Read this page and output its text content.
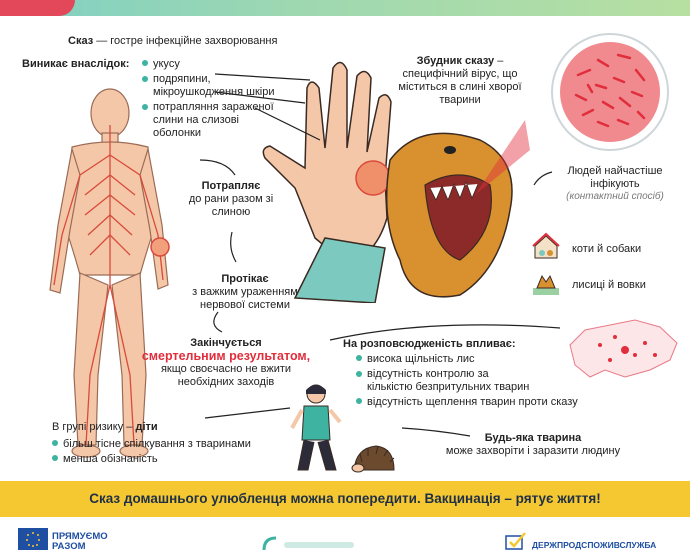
Сказ — гостре інфекційне захворювання
Виникає внаслідок:	укусу
подряпини, мікроушкодження шкіри
потрапляння зараженої слини на слизові оболонки
Збудник сказу – специфічний вірус, що міститься в слині хворої тварини
Потрапляє
до рани разом зі слиною
Протікає
з важким ураженням нервової системи
Закінчується
смертельним результатом,
якщо своєчасно не вжити необхідних заходів
Людей найчастіше інфікують
(контактний спосіб)
коти й собаки
лисиці й вовки
На розповсюдженість впливає:
висока щільність лис
відсутність контролю за кількістю безпритульних тварин
відсутність щеплення тварин проти сказу
В групі ризику – діти
більш тісне спілкування з тваринами
менша обізнаність
Будь-яка тварина
може захворіти і заразити людину
Сказ домашнього улюбленця можна попередити. Вакцинація – рятує життя!
ПРЯМУЄМО РАЗОМ	ДЕРЖПРОДСПОЖИВСЛУЖБА
